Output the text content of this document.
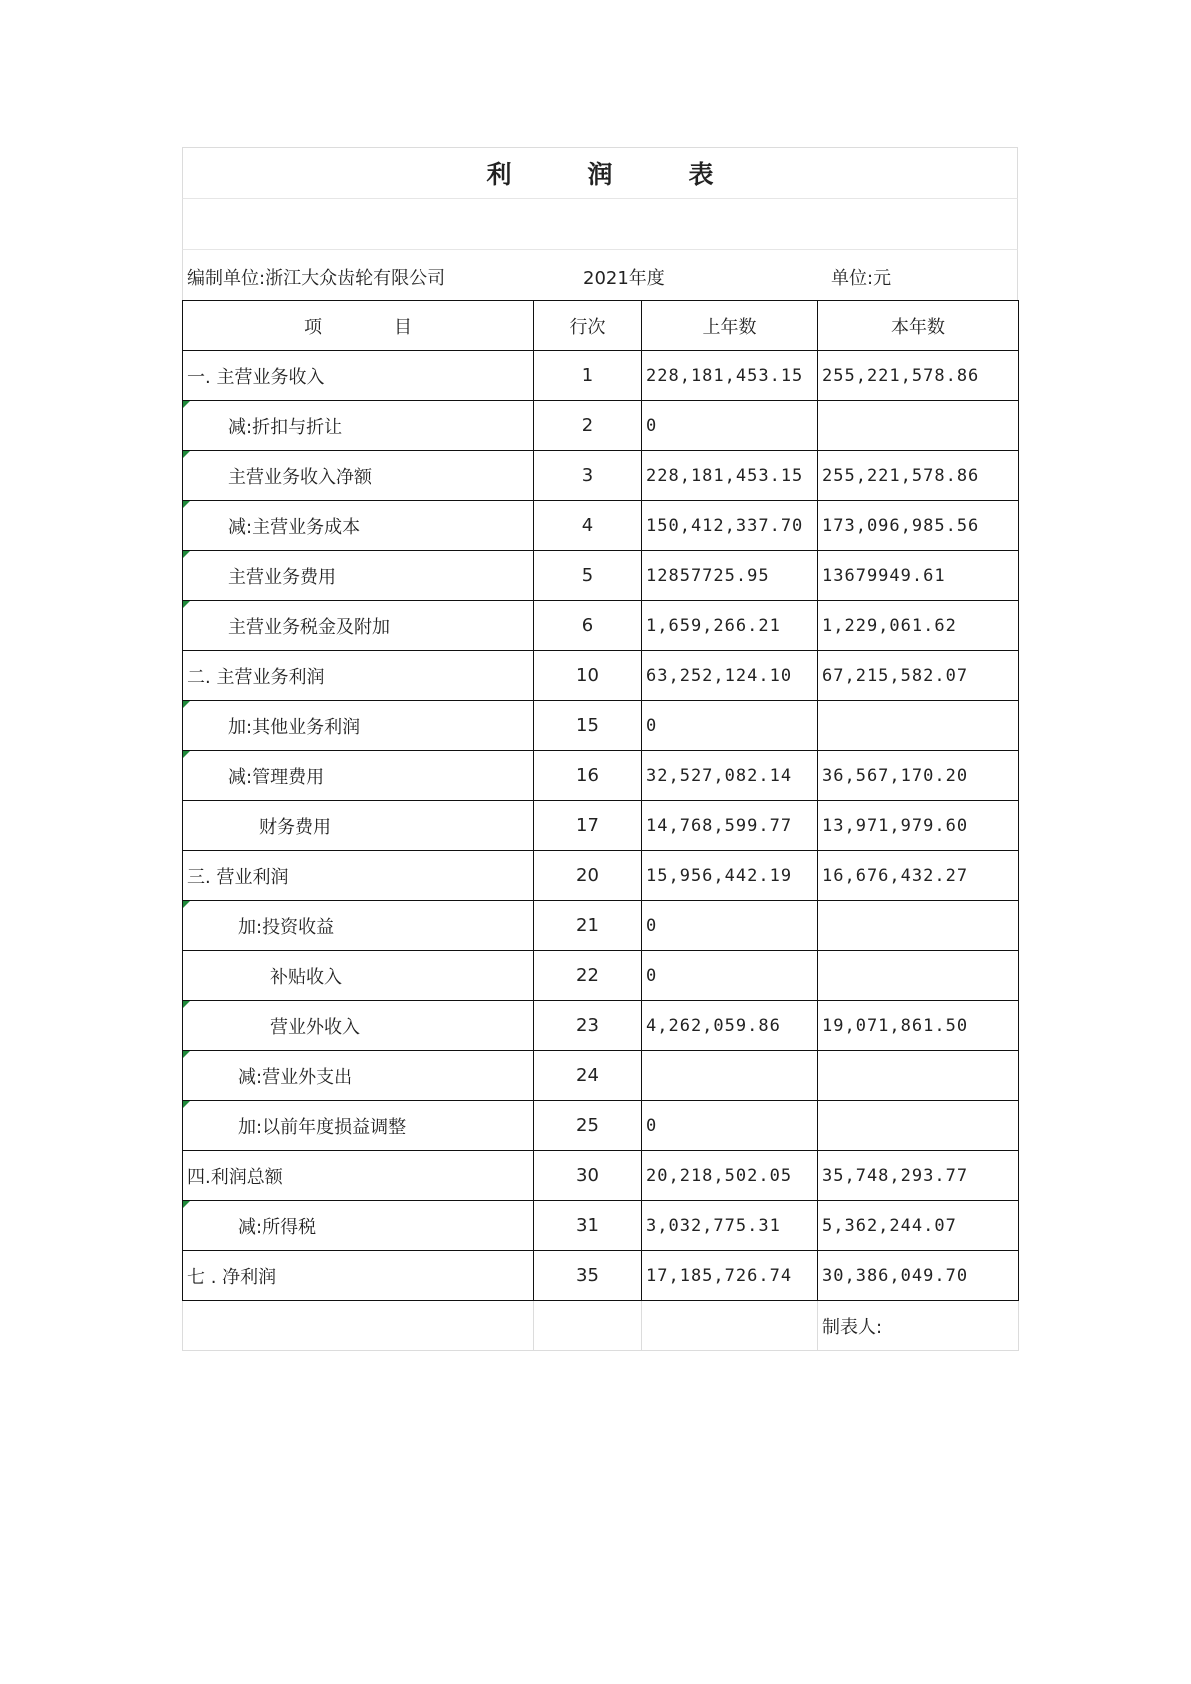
利	润	表
编制单位:浙江大众齿轮有限公司	2021年度	单位:元
项 目	行次	上年数	本年数
一. 主营业务收入	1	228,181,453.15	255,221,578.86

减:折扣与折让	2	0	

主营业务收入净额	3	228,181,453.15	255,221,578.86

减:主营业务成本	4	150,412,337.70	173,096,985.56

主营业务费用	5	12857725.95	13679949.61

主营业务税金及附加	6	1,659,266.21	1,229,061.62
二. 主营业务利润	10	63,252,124.10	67,215,582.07

加:其他业务利润	15	0	

减:管理费用	16	32,527,082.14	36,567,170.20
财务费用	17	14,768,599.77	13,971,979.60
三. 营业利润	20	15,956,442.19	16,676,432.27

加:投资收益	21	0	
补贴收入	22	0	

营业外收入	23	4,262,059.86	19,071,861.50

减:营业外支出	24		

加:以前年度损益调整	25	0	
四.利润总额	30	20,218,502.05	35,748,293.77

减:所得税	31	3,032,775.31	5,362,244.07
七 . 净利润	35	17,185,726.74	30,386,049.70
			制表人:
